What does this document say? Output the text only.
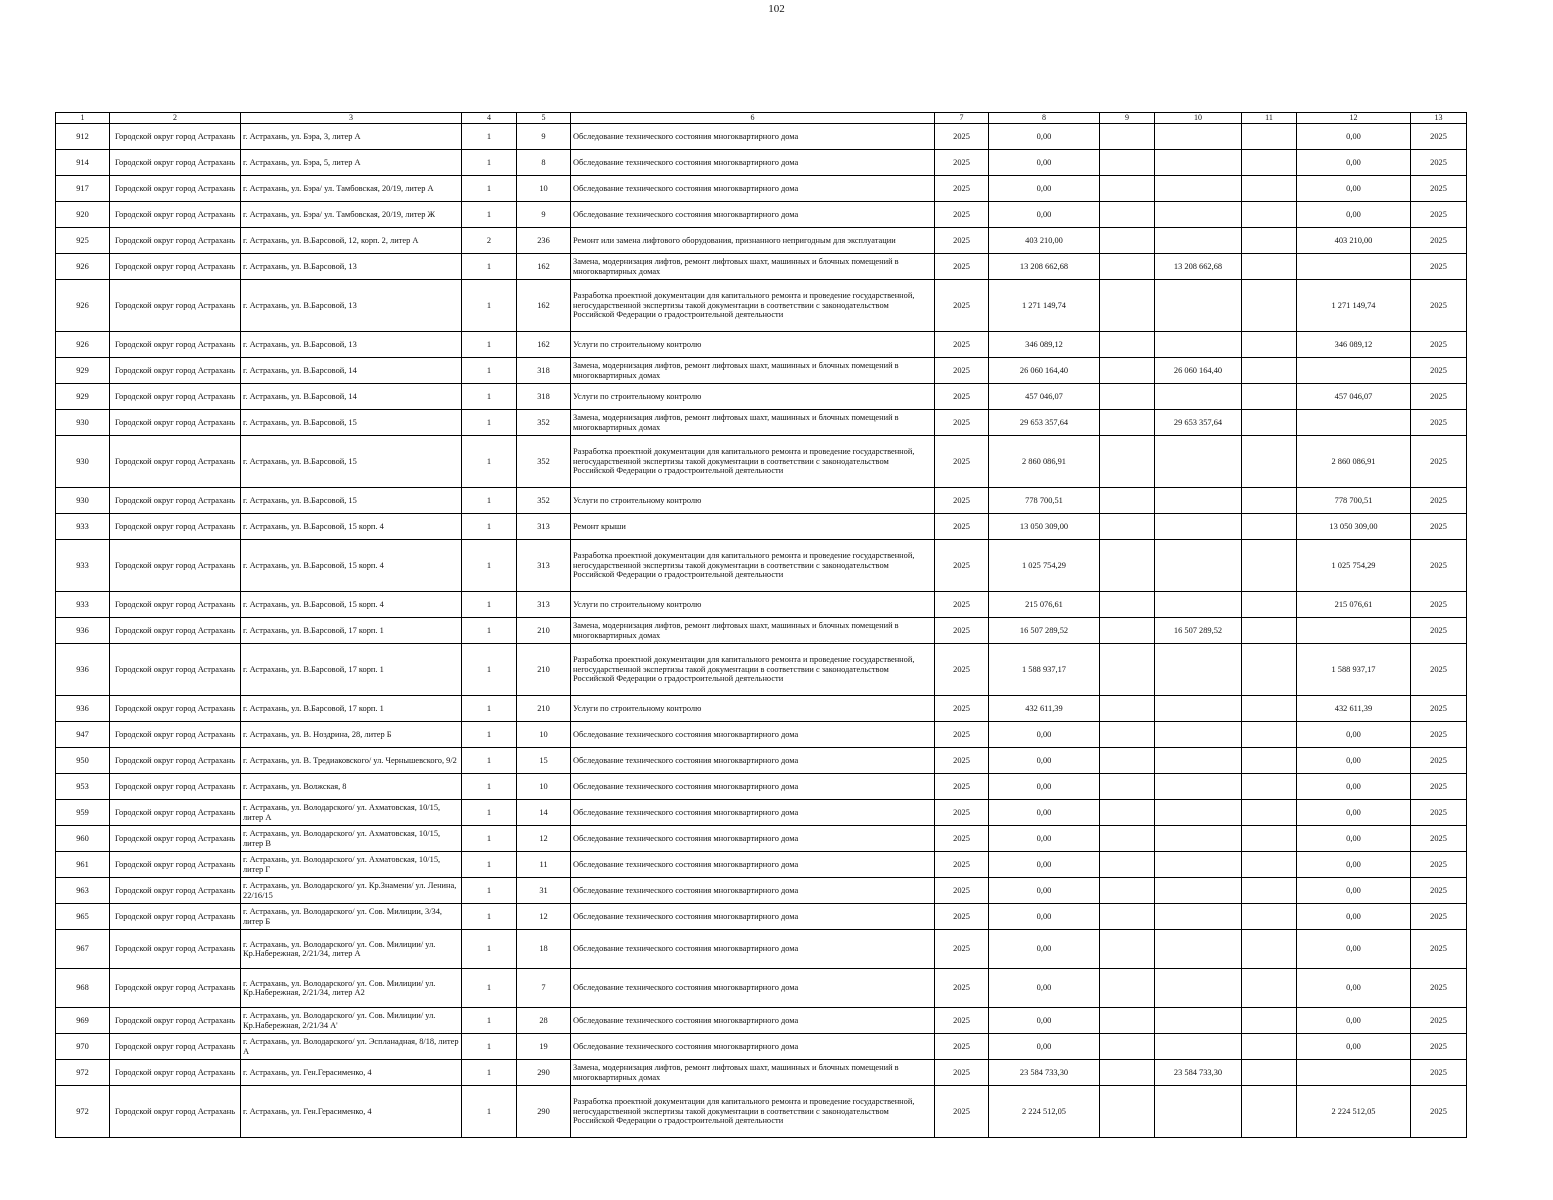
102
1	2	3	4	5	6	7	8	9	10	11	12	13
912	Городской округ город Астрахань	г. Астрахань, ул. Бэра, 3, литер А	1	9	Обследование технического состояния многоквартирного дома	2025	0,00				0,00	2025
914	Городской округ город Астрахань	г. Астрахань, ул. Бэра, 5, литер А	1	8	Обследование технического состояния многоквартирного дома	2025	0,00				0,00	2025
917	Городской округ город Астрахань	г. Астрахань, ул. Бэра/ ул. Тамбовская, 20/19, литер А	1	10	Обследование технического состояния многоквартирного дома	2025	0,00				0,00	2025
920	Городской округ город Астрахань	г. Астрахань, ул. Бэра/ ул. Тамбовская, 20/19, литер Ж	1	9	Обследование технического состояния многоквартирного дома	2025	0,00				0,00	2025
925	Городской округ город Астрахань	г. Астрахань, ул. В.Барсовой, 12, корп. 2, литер А	2	236	Ремонт или замена лифтового оборудования, признанного непригодным для эксплуатации	2025	403 210,00				403 210,00	2025
926	Городской округ город Астрахань	г. Астрахань, ул. В.Барсовой, 13	1	162	Замена, модернизация лифтов, ремонт лифтовых шахт, машинных и блочных помещений в многоквартирных домах	2025	13 208 662,68		13 208 662,68			2025
926	Городской округ город Астрахань	г. Астрахань, ул. В.Барсовой, 13	1	162	Разработка проектной документации для капитального ремонта и проведение государственной, негосударственной экспертизы такой документации в соответствии с законодательством Российской Федерации о градостроительной деятельности	2025	1 271 149,74				1 271 149,74	2025
926	Городской округ город Астрахань	г. Астрахань, ул. В.Барсовой, 13	1	162	Услуги по строительному контролю	2025	346 089,12				346 089,12	2025
929	Городской округ город Астрахань	г. Астрахань, ул. В.Барсовой, 14	1	318	Замена, модернизация лифтов, ремонт лифтовых шахт, машинных и блочных помещений в многоквартирных домах	2025	26 060 164,40		26 060 164,40			2025
929	Городской округ город Астрахань	г. Астрахань, ул. В.Барсовой, 14	1	318	Услуги по строительному контролю	2025	457 046,07				457 046,07	2025
930	Городской округ город Астрахань	г. Астрахань, ул. В.Барсовой, 15	1	352	Замена, модернизация лифтов, ремонт лифтовых шахт, машинных и блочных помещений в многоквартирных домах	2025	29 653 357,64		29 653 357,64			2025
930	Городской округ город Астрахань	г. Астрахань, ул. В.Барсовой, 15	1	352	Разработка проектной документации для капитального ремонта и проведение государственной, негосударственной экспертизы такой документации в соответствии с законодательством Российской Федерации о градостроительной деятельности	2025	2 860 086,91				2 860 086,91	2025
930	Городской округ город Астрахань	г. Астрахань, ул. В.Барсовой, 15	1	352	Услуги по строительному контролю	2025	778 700,51				778 700,51	2025
933	Городской округ город Астрахань	г. Астрахань, ул. В.Барсовой, 15 корп. 4	1	313	Ремонт крыши	2025	13 050 309,00				13 050 309,00	2025
933	Городской округ город Астрахань	г. Астрахань, ул. В.Барсовой, 15 корп. 4	1	313	Разработка проектной документации для капитального ремонта и проведение государственной, негосударственной экспертизы такой документации в соответствии с законодательством Российской Федерации о градостроительной деятельности	2025	1 025 754,29				1 025 754,29	2025
933	Городской округ город Астрахань	г. Астрахань, ул. В.Барсовой, 15 корп. 4	1	313	Услуги по строительному контролю	2025	215 076,61				215 076,61	2025
936	Городской округ город Астрахань	г. Астрахань, ул. В.Барсовой, 17 корп. 1	1	210	Замена, модернизация лифтов, ремонт лифтовых шахт, машинных и блочных помещений в многоквартирных домах	2025	16 507 289,52		16 507 289,52			2025
936	Городской округ город Астрахань	г. Астрахань, ул. В.Барсовой, 17 корп. 1	1	210	Разработка проектной документации для капитального ремонта и проведение государственной, негосударственной экспертизы такой документации в соответствии с законодательством Российской Федерации о градостроительной деятельности	2025	1 588 937,17				1 588 937,17	2025
936	Городской округ город Астрахань	г. Астрахань, ул. В.Барсовой, 17 корп. 1	1	210	Услуги по строительному контролю	2025	432 611,39				432 611,39	2025
947	Городской округ город Астрахань	г. Астрахань, ул. В. Ноздрина, 28, литер Б	1	10	Обследование технического состояния многоквартирного дома	2025	0,00				0,00	2025
950	Городской округ город Астрахань	г. Астрахань, ул. В. Тредиаковского/ ул. Чернышевского, 9/2	1	15	Обследование технического состояния многоквартирного дома	2025	0,00				0,00	2025
953	Городской округ город Астрахань	г. Астрахань, ул. Волжская, 8	1	10	Обследование технического состояния многоквартирного дома	2025	0,00				0,00	2025
959	Городской округ город Астрахань	г. Астрахань, ул. Володарского/ ул. Ахматовская, 10/15, литер А	1	14	Обследование технического состояния многоквартирного дома	2025	0,00				0,00	2025
960	Городской округ город Астрахань	г. Астрахань, ул. Володарского/ ул. Ахматовская, 10/15, литер В	1	12	Обследование технического состояния многоквартирного дома	2025	0,00				0,00	2025
961	Городской округ город Астрахань	г. Астрахань, ул. Володарского/ ул. Ахматовская, 10/15, литер Г	1	11	Обследование технического состояния многоквартирного дома	2025	0,00				0,00	2025
963	Городской округ город Астрахань	г. Астрахань, ул. Володарского/ ул. Кр.Знамени/ ул. Ленина, 22/16/15	1	31	Обследование технического состояния многоквартирного дома	2025	0,00				0,00	2025
965	Городской округ город Астрахань	г. Астрахань, ул. Володарского/ ул. Сов. Милиции, 3/34, литер Б	1	12	Обследование технического состояния многоквартирного дома	2025	0,00				0,00	2025
967	Городской округ город Астрахань	г. Астрахань, ул. Володарского/ ул. Сов. Милиции/ ул. Кр.Набережная, 2/21/34, литер А	1	18	Обследование технического состояния многоквартирного дома	2025	0,00				0,00	2025
968	Городской округ город Астрахань	г. Астрахань, ул. Володарского/ ул. Сов. Милиции/ ул. Кр.Набережная, 2/21/34, литер А2	1	7	Обследование технического состояния многоквартирного дома	2025	0,00				0,00	2025
969	Городской округ город Астрахань	г. Астрахань, ул. Володарского/ ул. Сов. Милиции/ ул. Кр.Набережная, 2/21/34 А'	1	28	Обследование технического состояния многоквартирного дома	2025	0,00				0,00	2025
970	Городской округ город Астрахань	г. Астрахань, ул. Володарского/ ул. Эспланадная, 8/18, литер А	1	19	Обследование технического состояния многоквартирного дома	2025	0,00				0,00	2025
972	Городской округ город Астрахань	г. Астрахань, ул. Ген.Герасименко, 4	1	290	Замена, модернизация лифтов, ремонт лифтовых шахт, машинных и блочных помещений в многоквартирных домах	2025	23 584 733,30		23 584 733,30			2025
972	Городской округ город Астрахань	г. Астрахань, ул. Ген.Герасименко, 4	1	290	Разработка проектной документации для капитального ремонта и проведение государственной, негосударственной экспертизы такой документации в соответствии с законодательством Российской Федерации о градостроительной деятельности	2025	2 224 512,05				2 224 512,05	2025
